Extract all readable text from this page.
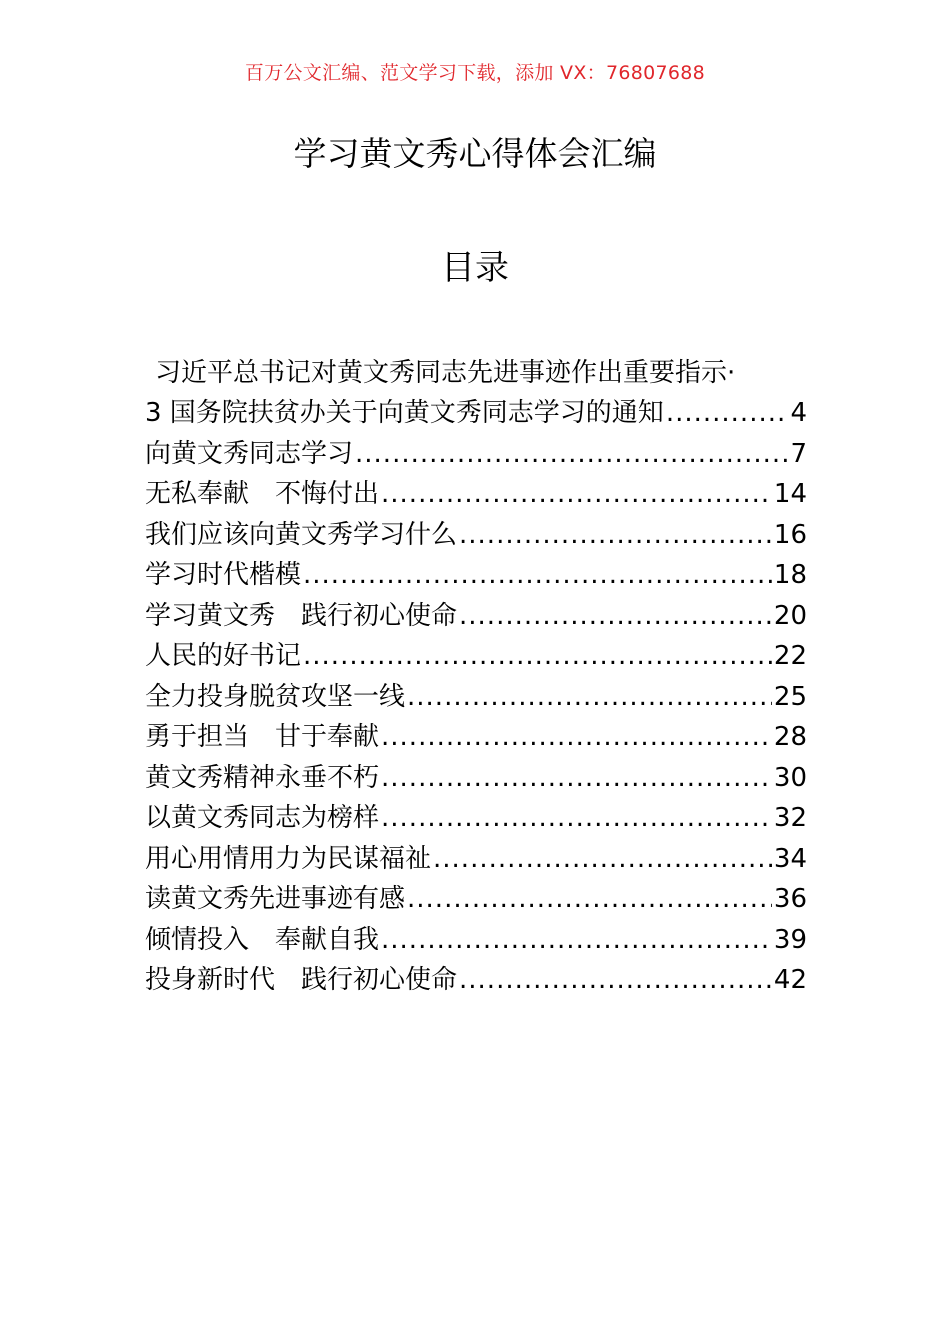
百万公文汇编、范文学习下载，添加 VX：76807688
学习黄文秀心得体会汇编
目录
习近平总书记对黄文秀同志先进事迹作出重要指示·
3 国务院扶贫办关于向黄文秀同志学习的通知 .....	4
向黄文秀同志学习 .....	7
无私奉献　不悔付出 .....	14
我们应该向黄文秀学习什么 .....	16
学习时代楷模 .....	18
学习黄文秀　践行初心使命 .....	20
人民的好书记 .....	22
全力投身脱贫攻坚一线 .....	25
勇于担当　甘于奉献 .....	28
黄文秀精神永垂不朽 .....	30
以黄文秀同志为榜样 .....	32
用心用情用力为民谋福祉 .....	34
读黄文秀先进事迹有感 .....	36
倾情投入　奉献自我 .....	39
投身新时代　践行初心使命 .....	42
